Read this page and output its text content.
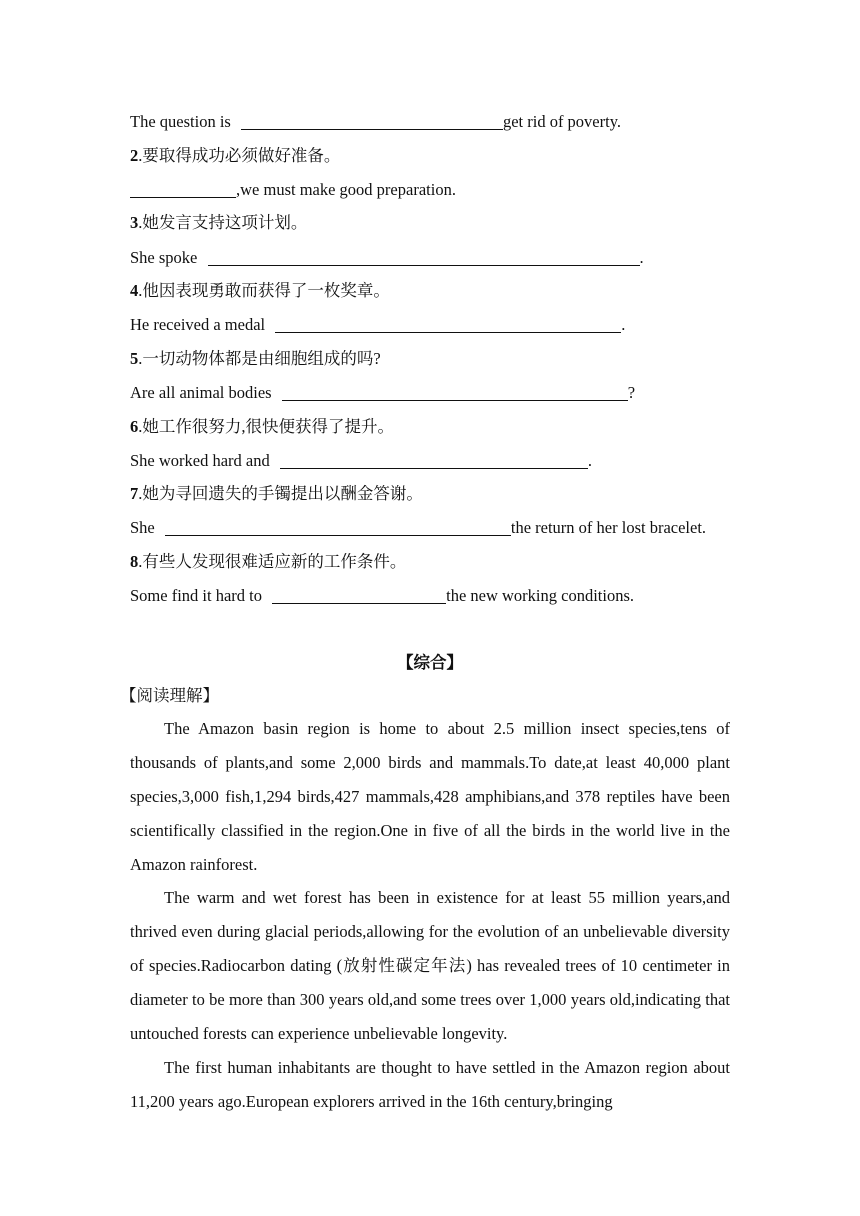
The question is	get rid of poverty.
2.要取得成功必须做好准备。
,we must make good preparation.
3.她发言支持这项计划。
She spoke	.
4.他因表现勇敢而获得了一枚奖章。
He received a medal	.
5.一切动物体都是由细胞组成的吗?
Are all animal bodies	?
6.她工作很努力,很快便获得了提升。
She worked hard and	.
7.她为寻回遗失的手镯提出以酬金答谢。
She	the return of her lost bracelet.
8.有些人发现很难适应新的工作条件。
Some find it hard to	the new working conditions.
【综合】
【阅读理解】
The Amazon basin region is home to about 2.5 million insect species,tens of thousands of plants,and some 2,000 birds and mammals.To date,at least 40,000 plant species,3,000 fish,1,294 birds,427 mammals,428 amphibians,and 378 reptiles have been scientifically classified in the region.One in five of all the birds in the world live in the Amazon rainforest.
The warm and wet forest has been in existence for at least 55 million years,and thrived even during glacial periods,allowing for the evolution of an unbelievable diversity of species.Radiocarbon dating (放射性碳定年法) has revealed trees of 10 centimeter in diameter to be more than 300 years old,and some trees over 1,000 years old,indicating that untouched forests can experience unbelievable longevity.
The first human inhabitants are thought to have settled in the Amazon region about 11,200 years ago.European explorers arrived in the 16th century,bringing
